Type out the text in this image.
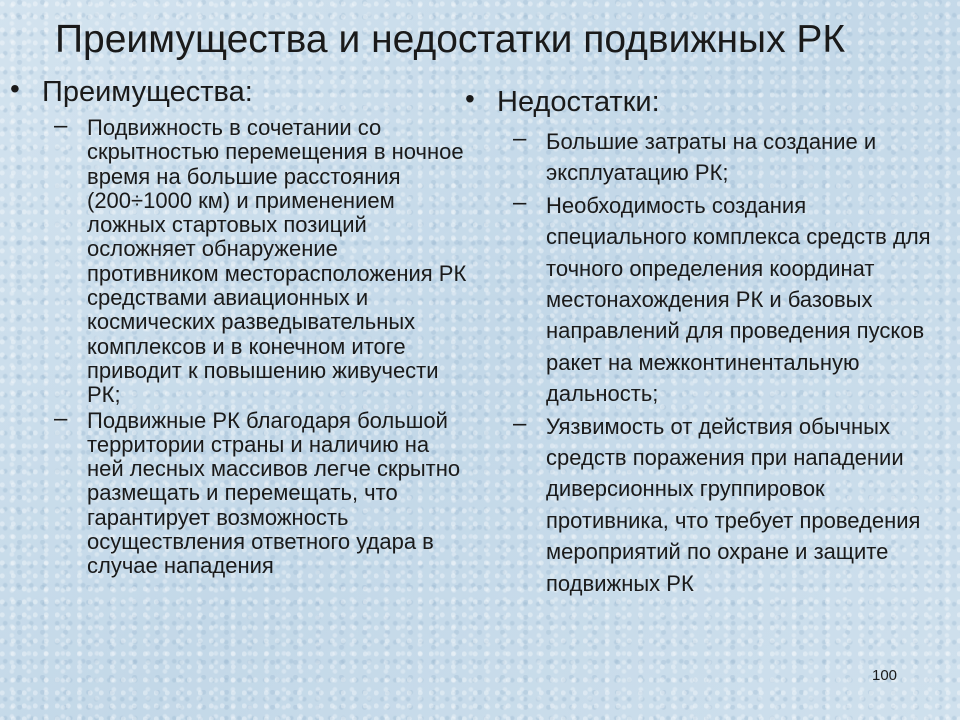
Преимущества и недостатки подвижных РК
• Преимущества:
– Подвижность в сочетании со скрытностью перемещения в ночное время на большие расстояния (200÷1000 км) и применением ложных стартовых позиций осложняет обнаружение противником месторасположения РК средствами авиационных и космических разведывательных комплексов и в конечном итоге приводит к повышению живучести РК;
– Подвижные РК благодаря большой территории страны и наличию на ней лесных массивов легче скрытно размещать и перемещать, что гарантирует возможность осуществления ответного удара в случае нападения
• Недостатки:
– Большие затраты на создание и эксплуатацию РК;
– Необходимость создания специального комплекса средств для точного определения координат местонахождения РК и базовых направлений для проведения пусков ракет на межконтинентальную дальность;
– Уязвимость от действия обычных средств поражения при нападении диверсионных группировок противника, что требует проведения мероприятий по охране и защите подвижных РК
100
